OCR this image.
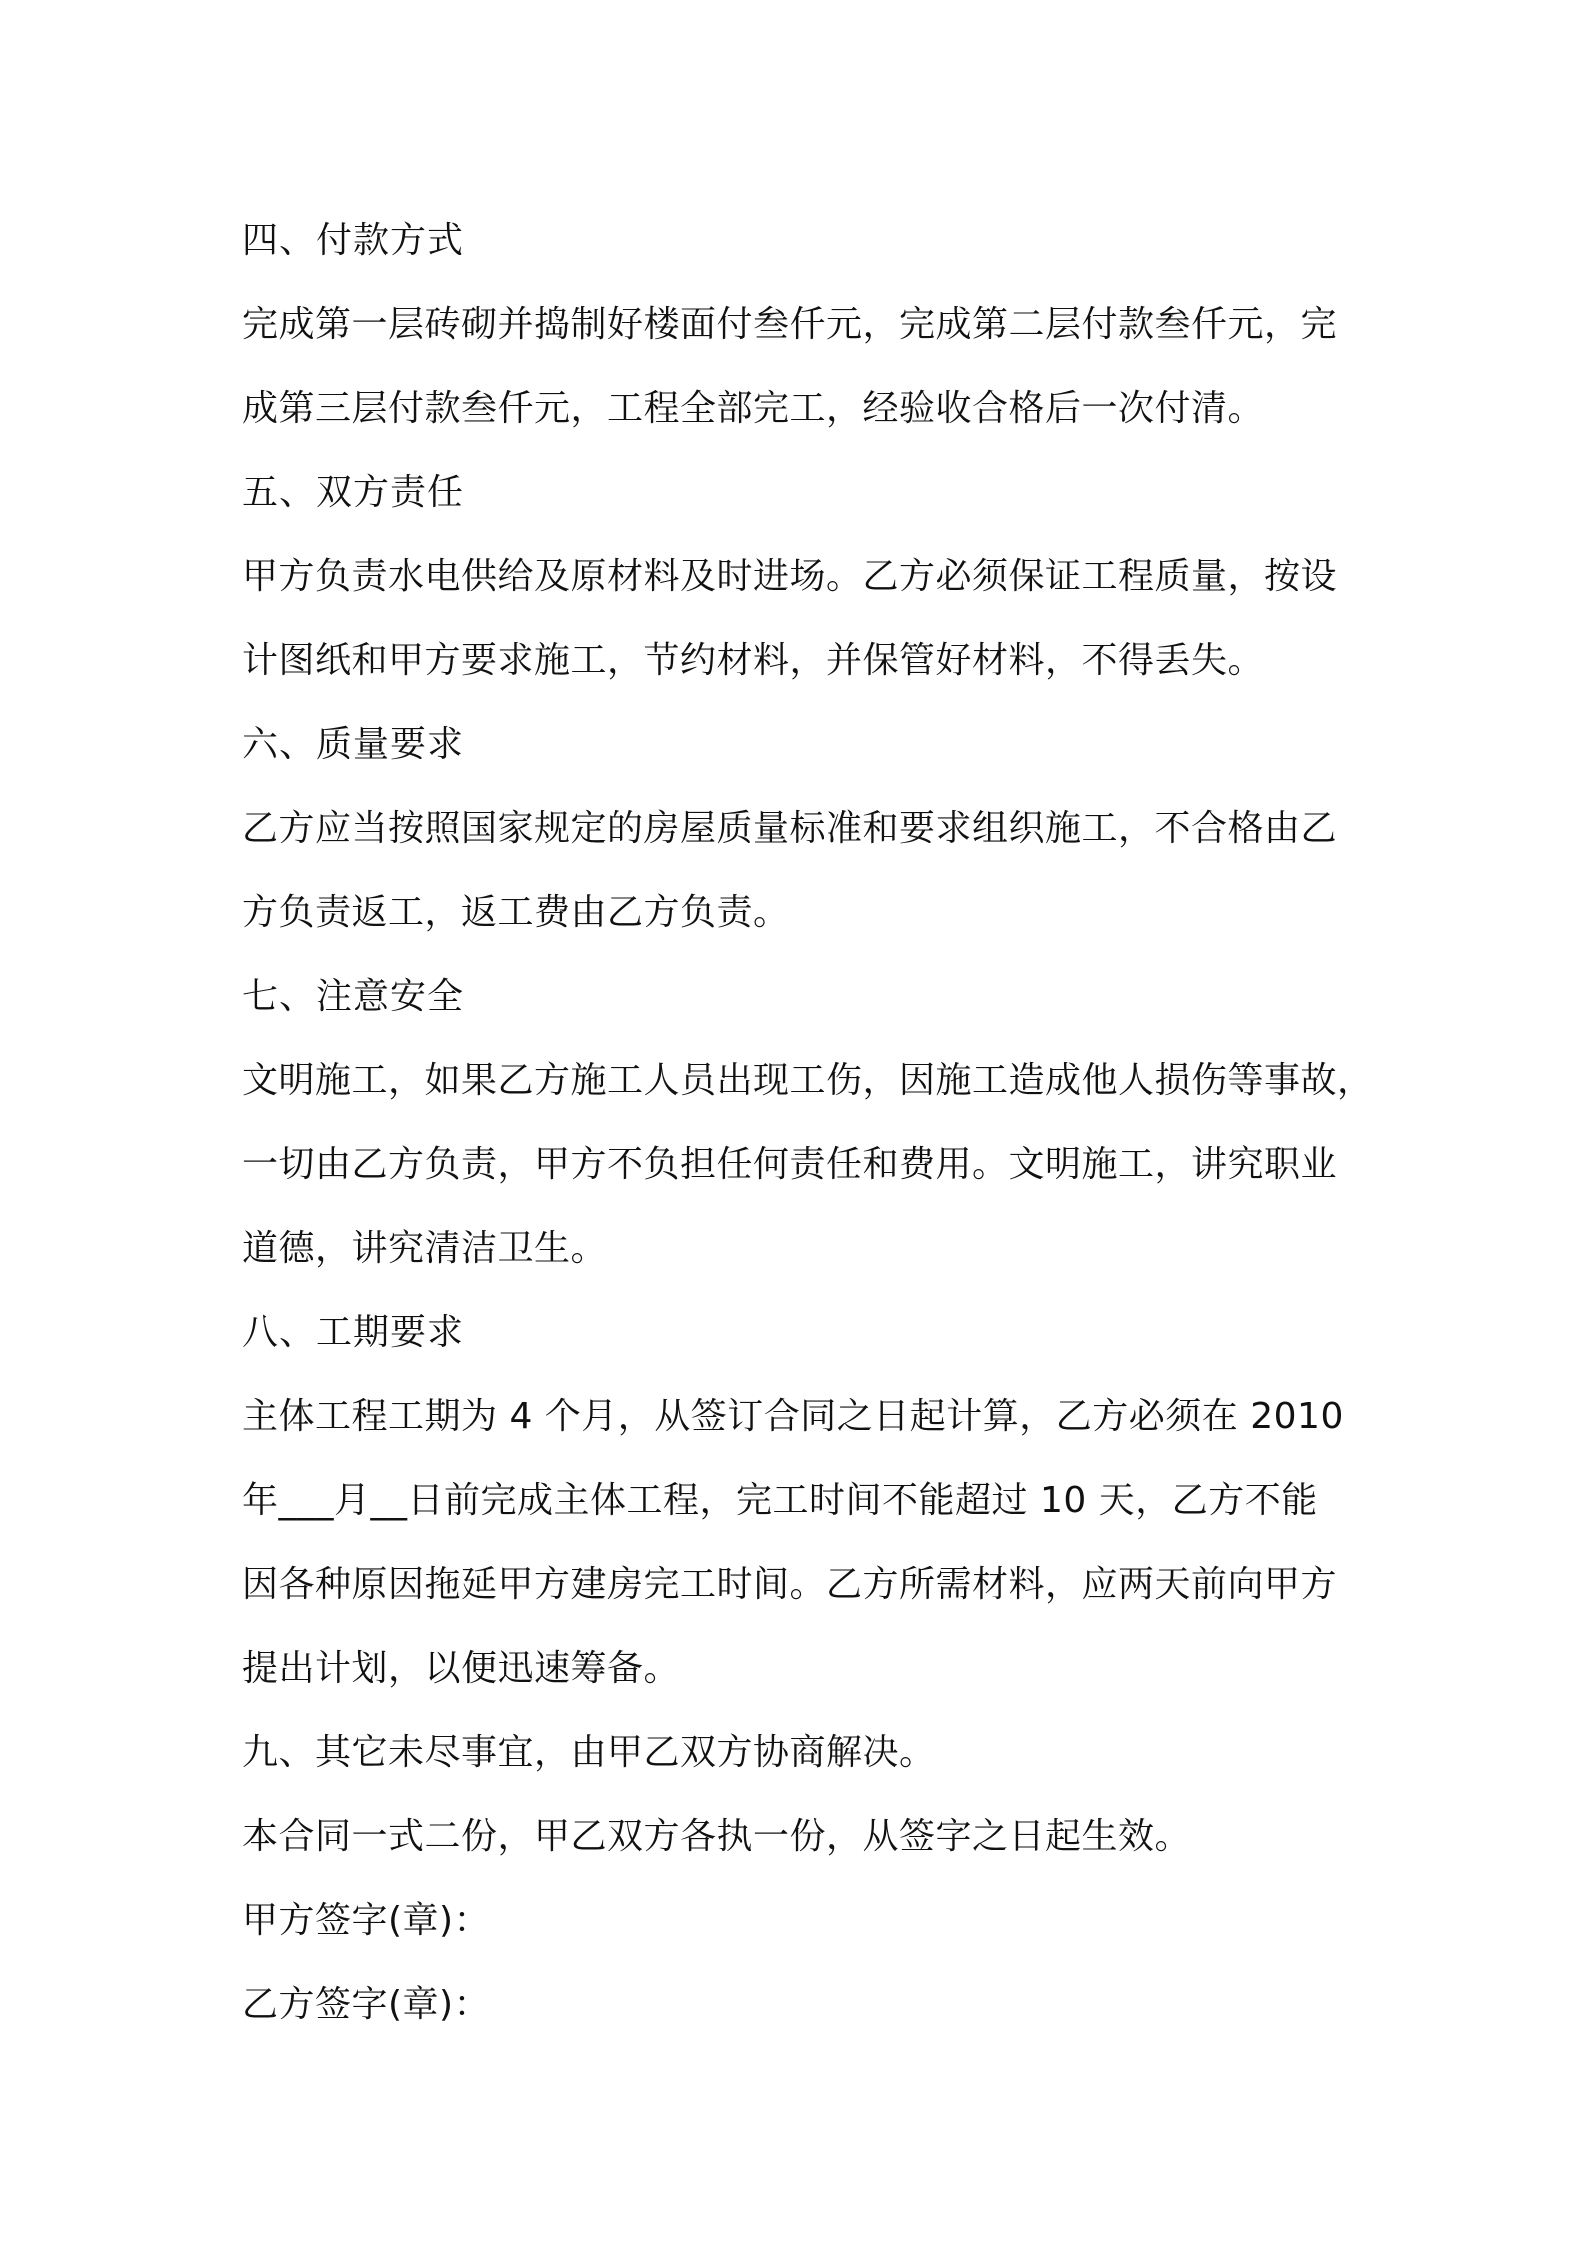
四、付款方式
完成第一层砖砌并捣制好楼面付叁仟元，完成第二层付款叁仟元，完
成第三层付款叁仟元，工程全部完工，经验收合格后一次付清。
五、双方责任
甲方负责水电供给及原材料及时进场。乙方必须保证工程质量，按设
计图纸和甲方要求施工，节约材料，并保管好材料，不得丢失。
六、质量要求
乙方应当按照国家规定的房屋质量标准和要求组织施工，不合格由乙
方负责返工，返工费由乙方负责。
七、注意安全
文明施工，如果乙方施工人员出现工伤，因施工造成他人损伤等事故，
一切由乙方负责，甲方不负担任何责任和费用。文明施工，讲究职业
道德，讲究清洁卫生。
八、工期要求
主体工程工期为 4 个月，从签订合同之日起计算，乙方必须在 2010
年___月__日前完成主体工程，完工时间不能超过 10 天，乙方不能
因各种原因拖延甲方建房完工时间。乙方所需材料，应两天前向甲方
提出计划，以便迅速筹备。
九、其它未尽事宜，由甲乙双方协商解决。
本合同一式二份，甲乙双方各执一份，从签字之日起生效。
甲方签字(章)：
乙方签字(章)：
